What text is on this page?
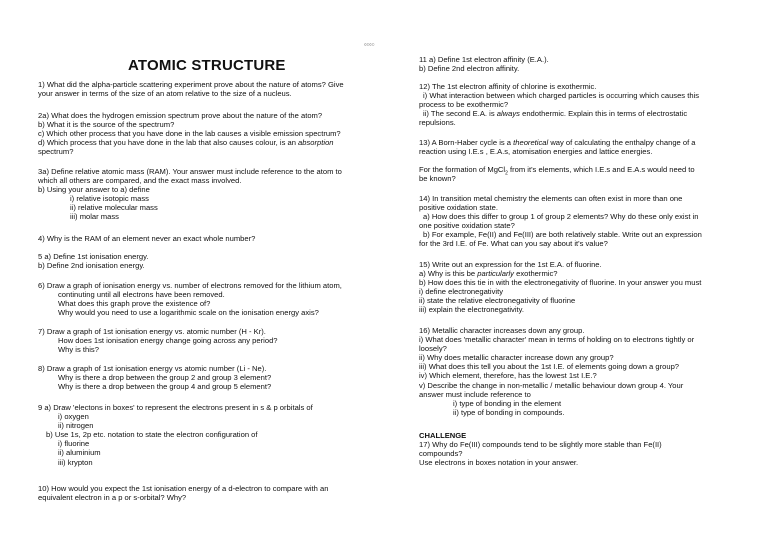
©©©©
ATOMIC STRUCTURE
1) What did the alpha-particle scattering experiment prove about the nature of atoms? Give
your answer in terms of the size of an atom relative to the size of a nucleus.
2a) What does the hydrogen emission spectrum prove about the nature of the atom?
b) What it is the source of the spectrum?
c) Which other process that you have done in the lab causes a visible emission spectrum?
d) Which process that you have done in the lab that also causes colour, is an absorption
spectrum?
3a) Define relative atomic mass (RAM). Your answer must include reference to the atom to
which all others are compared, and the exact mass involved.
b) Using your answer to a) define
i) relative isotopic mass
ii) relative molecular mass
iii) molar mass
4) Why is the RAM of an element never an exact whole number?
5 a) Define 1st ionisation energy.
b) Define 2nd ionisation energy.
6) Draw a graph of ionisation energy vs. number of electrons removed for the lithium atom,
continuting until all electrons have been removed.
What does this graph prove the existence of?
Why would you need to use a logarithmic scale on the ionisation energy axis?
7) Draw a graph of 1st ionisation energy vs. atomic number (H - Kr).
How does 1st ionisation energy change going across any period?
Why is this?
8) Draw a graph of 1st ionisation energy vs atomic number (Li - Ne).
Why is there a drop between the group 2 and group 3 element?
Why is there a drop between the group 4 and group 5 element?
9 a) Draw 'electons in boxes' to represent the electrons present in s & p orbitals of
i) oxygen
ii) nitrogen
b) Use 1s, 2p etc. notation to state the electron configuration of
i) fluorine
ii) aluminium
iii) krypton
10) How would you expect the 1st ionisation energy of a d-electron to compare with an
equivalent electron in a p or s-orbital? Why?
11 a) Define 1st electron affinity (E.A.).
b) Define 2nd electron affinity.
12) The 1st electron affinity of chlorine is exothermic.
i) What interaction between which charged particles is occurring which causes this
process to be exothermic?
ii) The second E.A. is always endothermic. Explain this in terms of electrostatic
repulsions.
13) A Born-Haber cycle is a theoretical way of calculating the enthalpy change of a
reaction using I.E.s , E.A.s, atomisation energies and lattice energies.
For the formation of MgCl$_2$ from it's elements, which I.E.s and E.A.s would need to
be known?
14) In transition metal chemistry the elements can often exist in more than one
positive oxidation state.
a) How does this differ to group 1 of group 2 elements? Why do these only exist in
one positive oxidation state?
b) For example, Fe(II) and Fe(III) are both relatively stable. Write out an expression
for the 3rd I.E. of Fe. What can you say about it's value?
15) Write out an expression for the 1st E.A. of fluorine.
a) Why is this be particularly exothermic?
b) How does this tie in with the electronegativity of fluorine. In your answer you must
i) define electronegativity
ii) state the relative electronegativity of fluorine
iii) explain the electronegativity.
16) Metallic character increases down any group.
i) What does 'metallic character' mean in terms of holding on to electrons tightly or
loosely?
ii) Why does metallic character increase down any group?
iii) What does this tell you about the 1st I.E. of elements going down a group?
iv) Which element, therefore, has the lowest 1st I.E.?
v) Describe the change in non-metallic / metallic behaviour down group 4. Your
answer must include reference to
i) type of bonding in the element
ii) type of bonding in compounds.
CHALLENGE
17) Why do Fe(III) compounds tend to be slightly more stable than Fe(II)
compounds?
Use electrons in boxes notation in your answer.
